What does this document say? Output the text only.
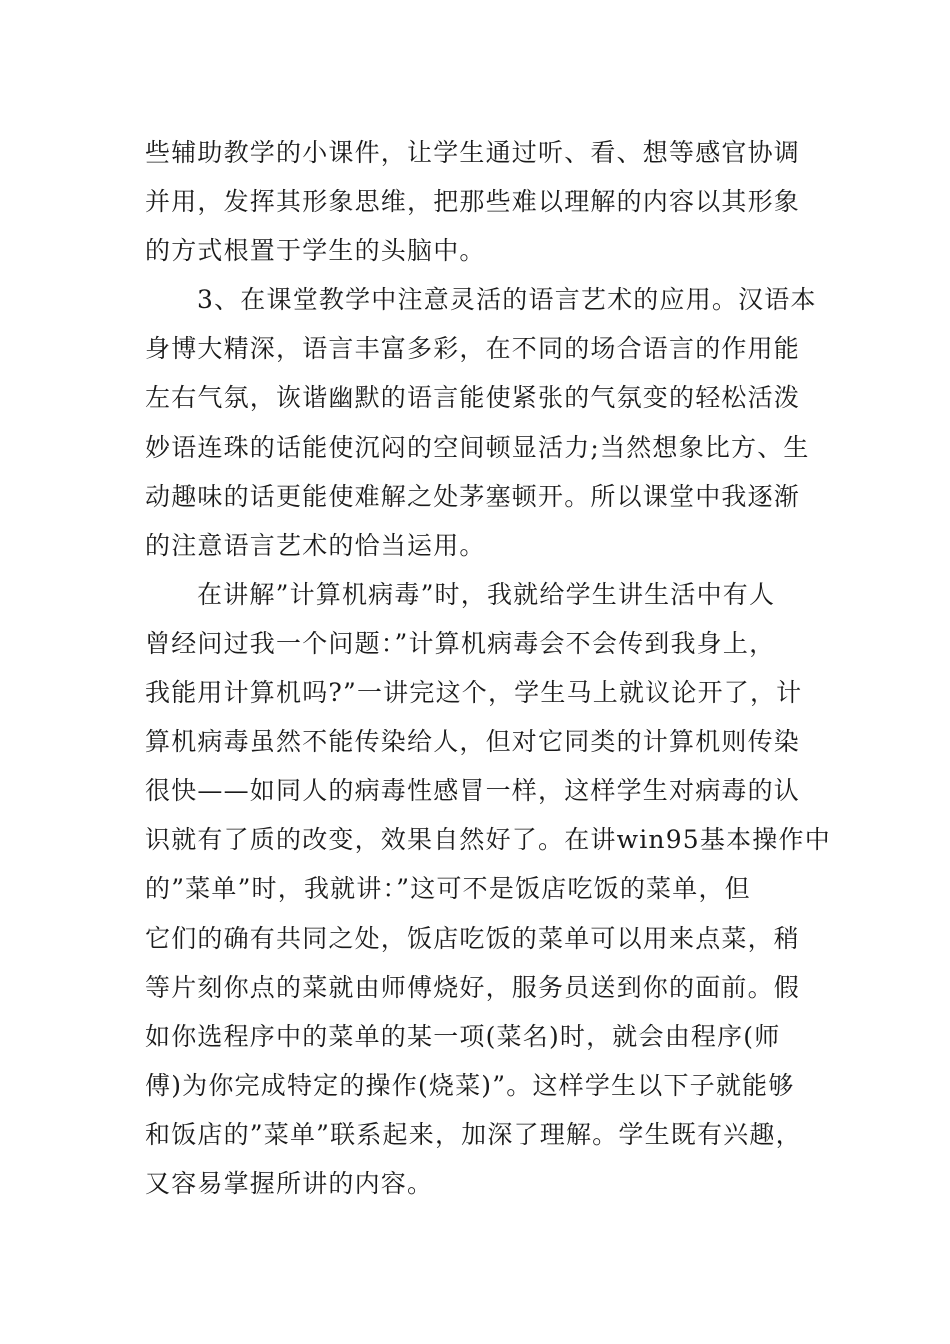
些辅助教学的小课件，让学生通过听、看、想等感官协调
并用，发挥其形象思维，把那些难以理解的内容以其形象
的方式根置于学生的头脑中。
3、在课堂教学中注意灵活的语言艺术的应用。汉语本
身博大精深，语言丰富多彩，在不同的场合语言的作用能
左右气氛，诙谐幽默的语言能使紧张的气氛变的轻松活泼
妙语连珠的话能使沉闷的空间顿显活力;当然想象比方、生
动趣味的话更能使难解之处茅塞顿开。所以课堂中我逐渐
的注意语言艺术的恰当运用。
在讲解”计算机病毒”时，我就给学生讲生活中有人
曾经问过我一个问题：”计算机病毒会不会传到我身上，
我能用计算机吗?”一讲完这个，学生马上就议论开了，计
算机病毒虽然不能传染给人，但对它同类的计算机则传染
很快——如同人的病毒性感冒一样，这样学生对病毒的认
识就有了质的改变，效果自然好了。在讲win95基本操作中
的”菜单”时，我就讲：”这可不是饭店吃饭的菜单，但
它们的确有共同之处，饭店吃饭的菜单可以用来点菜，稍
等片刻你点的菜就由师傅烧好，服务员送到你的面前。假
如你选程序中的菜单的某一项(菜名)时，就会由程序(师
傅)为你完成特定的操作(烧菜)”。这样学生以下子就能够
和饭店的”菜单”联系起来，加深了理解。学生既有兴趣，
又容易掌握所讲的内容。
